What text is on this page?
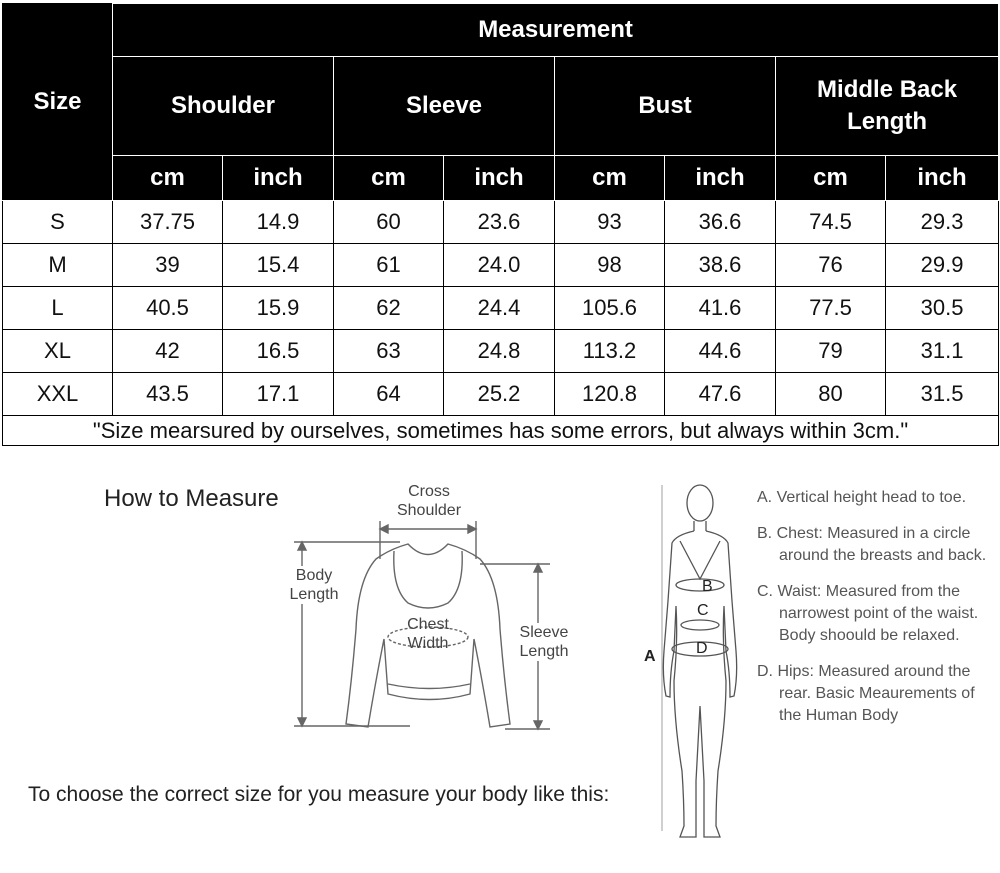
Size	Measurement							
	Shoulder		Sleeve		Bust		Middle Back Length	
	cm	inch	cm	inch	cm	inch	cm	inch
S	37.75	14.9	60	23.6	93	36.6	74.5	29.3
M	39	15.4	61	24.0	98	38.6	76	29.9
L	40.5	15.9	62	24.4	105.6	41.6	77.5	30.5
XL	42	16.5	63	24.8	113.2	44.6	79	31.1
XXL	43.5	17.1	64	25.2	120.8	47.6	80	31.5
"Size mearsured by ourselves, sometimes has some errors, but always within 3cm."								
How to Measure	Cross
Shoulder
Body
Length
Chest
Width
Sleeve
Length
B
C
D
A
A. Vertical height head to toe.
B. Chest: Measured in a circle around the breasts and back.
C. Waist: Measured from the narrowest point of the waist. Body shoould be relaxed.
D. Hips: Measured around the rear. Basic Meaurements of the Human Body
To choose the correct size for you measure your body like this:
